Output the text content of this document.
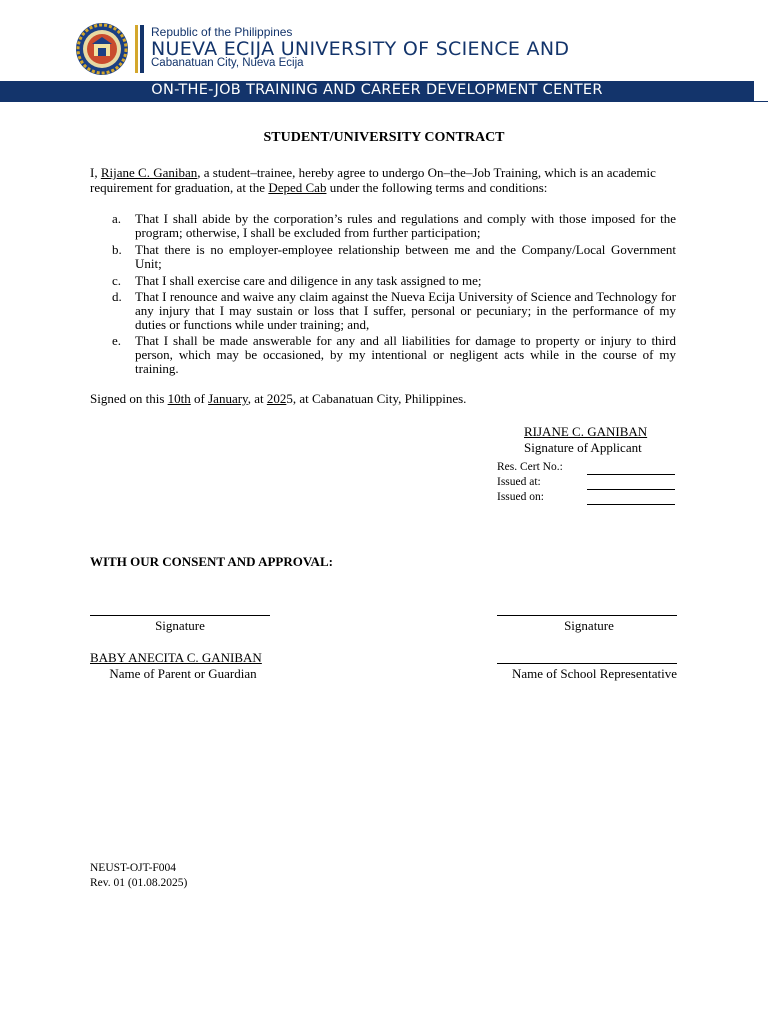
Republic of the Philippines
NUEVA ECIJA UNIVERSITY OF SCIENCE AND
Cabanatuan City, Nueva Ecija
ON-THE-JOB TRAINING AND CAREER DEVELOPMENT CENTER
STUDENT/UNIVERSITY CONTRACT
I, Rijane C. Ganiban, a student–trainee, hereby agree to undergo On–the–Job Training, which is an academic requirement for graduation, at the Deped Cab under the following terms and conditions:
a. That I shall abide by the corporation’s rules and regulations and comply with those imposed for the program; otherwise, I shall be excluded from further participation;
b. That there is no employer-employee relationship between me and the Company/Local Government Unit;
c. That I shall exercise care and diligence in any task assigned to me;
d. That I renounce and waive any claim against the Nueva Ecija University of Science and Technology for any injury that I may sustain or loss that I suffer, personal or pecuniary; in the performance of my duties or functions while under training; and,
e. That I shall be made answerable for any and all liabilities for damage to property or injury to third person, which may be occasioned, by my intentional or negligent acts while in the course of my training.
Signed on this 10th of January, at 2025, at Cabanatuan City, Philippines.
RIJANE C. GANIBAN
Signature of Applicant
Res. Cert No.:
Issued at:
Issued on:
WITH OUR CONSENT AND APPROVAL:
Signature
BABY ANECITA C. GANIBAN
Name of Parent or Guardian
Signature
Name of School Representative
NEUST-OJT-F004
Rev. 01 (01.08.2025)
